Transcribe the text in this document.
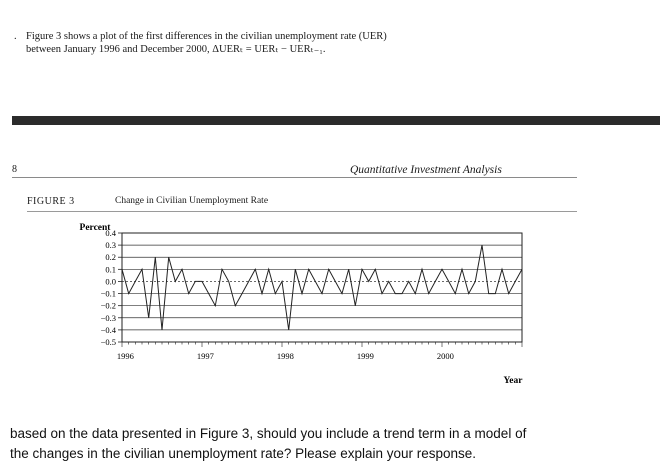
. Figure 3 shows a plot of the first differences in the civilian unemployment rate (UER)
between January 1996 and December 2000, ΔUERₜ = UERₜ − UERₜ₋₁.
8	Quantitative Investment Analysis
FIGURE 3	Change in Civilian Unemployment Rate
0.4
0.3
0.2
0.1
0.0
−0.1
−0.2
−0.3
−0.4
−0.5
1996	1997	1998	1999	2000
Percent
Year
based on the data presented in Figure 3, should you include a trend term in a model of
the changes in the civilian unemployment rate? Please explain your response.
